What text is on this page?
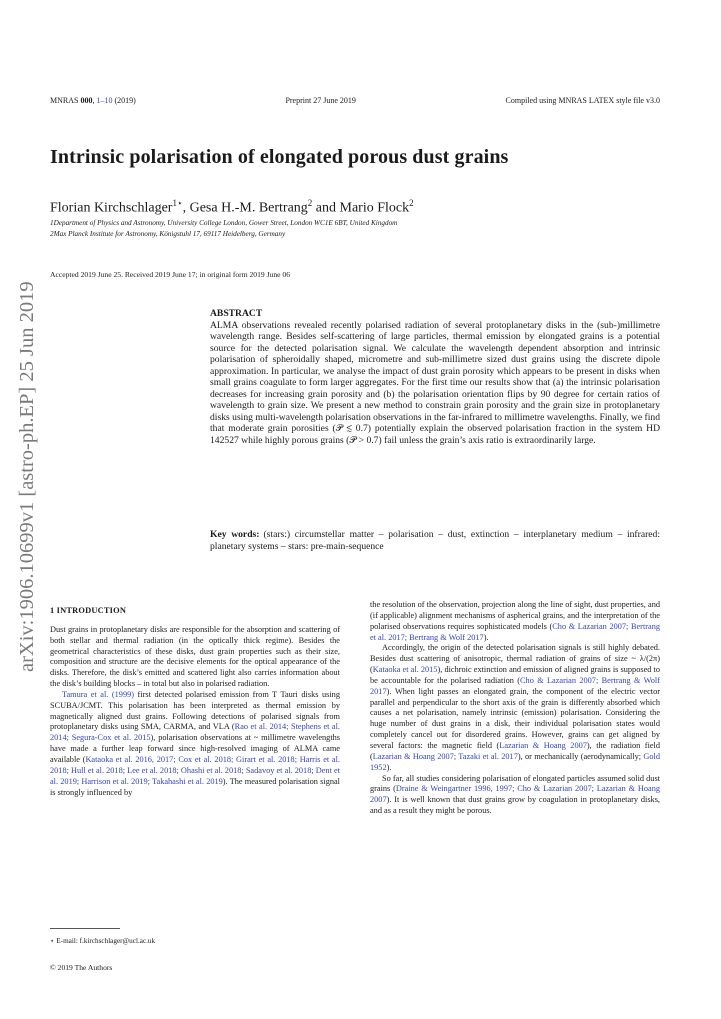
MNRAS 000, 1–10 (2019)	Preprint 27 June 2019	Compiled using MNRAS LATEX style file v3.0
Intrinsic polarisation of elongated porous dust grains
Florian Kirchschlager$^{1⋆}$, Gesa H.-M. Bertrang$^2$ and Mario Flock$^2$
1Department of Physics and Astronomy, University College London, Gower Street, London WC1E 6BT, United Kingdom
2Max Planck Institute for Astronomy, Königstuhl 17, 69117 Heidelberg, Germany
Accepted 2019 June 25. Received 2019 June 17; in original form 2019 June 06
arXiv:1906.10699v1 [astro-ph.EP] 25 Jun 2019	ABSTRACT
ALMA observations revealed recently polarised radiation of several protoplanetary disks in the (sub-)millimetre wavelength range. Besides self-scattering of large particles, thermal emission by elongated grains is a potential source for the detected polarisation signal. We calculate the wavelength dependent absorption and intrinsic polarisation of spheroidally shaped, micrometre and sub-millimetre sized dust grains using the discrete dipole approximation. In particular, we analyse the impact of dust grain porosity which appears to be present in disks when small grains coagulate to form larger aggregates. For the first time our results show that (a) the intrinsic polarisation decreases for increasing grain porosity and (b) the polarisation orientation flips by 90 degree for certain ratios of wavelength to grain size. We present a new method to constrain grain porosity and the grain size in protoplanetary disks using multi-wavelength polarisation observations in the far-infrared to millimetre wavelengths. Finally, we find that moderate grain porosities (𝒫 ≲ 0.7) potentially explain the observed polarisation fraction in the system HD 142527 while highly porous grains (𝒫 > 0.7) fail unless the grain’s axis ratio is extraordinarily large.
Key words: (stars:) circumstellar matter – polarisation – dust, extinction – interplanetary medium – infrared: planetary systems – stars: pre-main-sequence
1 INTRODUCTION

Dust grains in protoplanetary disks are responsible for the absorption and scattering of both stellar and thermal radiation (in the optically thick regime). Besides the geometrical characteristics of these disks, dust grain properties such as their size, composition and structure are the decisive elements for the optical appearance of the disks. Therefore, the disk’s emitted and scattered light also carries information about the disk’s building blocks – in total but also in polarised radiation.

Tamura et al. (1999) first detected polarised emission from T Tauri disks using SCUBA/JCMT. This polarisation has been interpreted as thermal emission by magnetically aligned dust grains. Following detections of polarised signals from protoplanetary disks using SMA, CARMA, and VLA (Rao et al. 2014; Stephens et al. 2014; Segura-Cox et al. 2015), polarisation observations at ~ millimetre wavelengths have made a further leap forward since high-resolved imaging of ALMA came available (Kataoka et al. 2016, 2017; Cox et al. 2018; Girart et al. 2018; Harris et al. 2018; Hull et al. 2018; Lee et al. 2018; Ohashi et al. 2018; Sadavoy et al. 2018; Dent et al. 2019; Harrison et al. 2019; Takahashi et al. 2019). The measured polarisation signal is strongly influenced by

the resolution of the observation, projection along the line of sight, dust properties, and (if applicable) alignment mechanisms of aspherical grains, and the interpretation of the polarised observations requires sophisticated models (Cho & Lazarian 2007; Bertrang et al. 2017; Bertrang & Wolf 2017).

Accordingly, the origin of the detected polarisation signals is still highly debated. Besides dust scattering of anisotropic, thermal radiation of grains of size ~ λ/(2π) (Kataoka et al. 2015), dichroic extinction and emission of aligned grains is supposed to be accountable for the polarised radiation (Cho & Lazarian 2007; Bertrang & Wolf 2017). When light passes an elongated grain, the component of the electric vector parallel and perpendicular to the short axis of the grain is differently absorbed which causes a net polarisation, namely intrinsic (emission) polarisation. Considering the huge number of dust grains in a disk, their individual polarisation states would completely cancel out for disordered grains. However, grains can get aligned by several factors: the magnetic field (Lazarian & Hoang 2007), the radiation field (Lazarian & Hoang 2007; Tazaki et al. 2017), or mechanically (aerodynamically; Gold 1952).

So far, all studies considering polarisation of elongated particles assumed solid dust grains (Draine & Weingartner 1996, 1997; Cho & Lazarian 2007; Lazarian & Hoang 2007). It is well known that dust grains grow by coagulation in protoplanetary disks, and as a result they might be porous.

⋆ E-mail: f.kirchschlager@ucl.ac.uk
© 2019 The Authors
